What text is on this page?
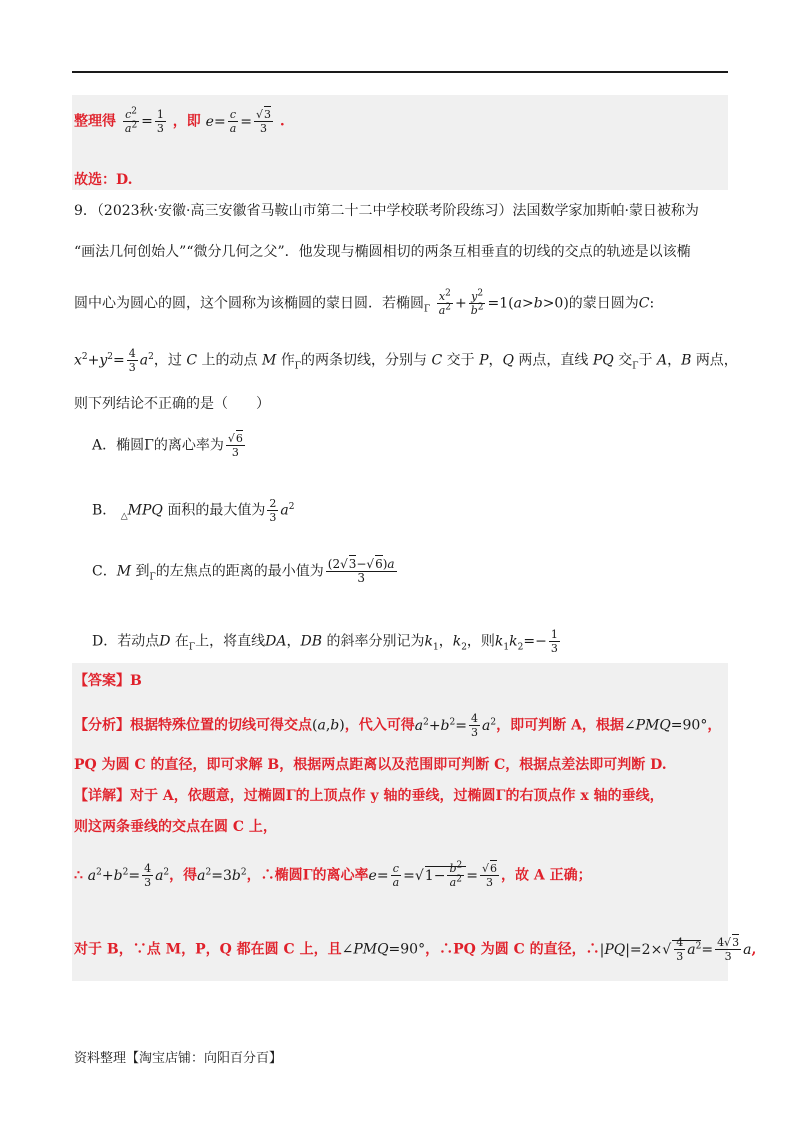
整理得 $\frac{c^2}{a^2} = \frac{1}{3}$ ，即 $e= \frac{c}{a} = \frac{√3}{3}$ .
故选：D.
9．（2023秋·安徽·高三安徽省马鞍山市第二十二中学校联考阶段练习）法国数学家加斯帕·蒙日被称为
“画法几何创始人”“微分几何之父”．他发现与椭圆相切的两条互相垂直的切线的交点的轨迹是以该椭
圆中心为圆心的圆，这个圆称为该椭圆的蒙日圆．若椭圆$_\Gamma \frac{x^2}{a^2} + \frac{y^2}{b^2} =1(a>b>0)$的蒙日圆为C:
$x^2+y^2= \frac{4}{3} a^2$，过 C 上的动点 M 作$_\Gamma$的两条切线，分别与 C 交于 P，Q 两点，直线 PQ 交$_\Gamma$于 A，B 两点，
则下列结论不正确的是（　　）
A．椭圆Γ的离心率为 $\frac{√6}{3}$
B． $_\triangle$MPQ 面积的最大值为 $\frac{2}{3} a^2$
C．M 到$_\Gamma$的左焦点的距离的最小值为 $\frac{(2√3-√6)a}{3}$
D．若动点D 在$_\Gamma$上，将直线DA，DB 的斜率分别记为$k_1$，$k_2$，则$k_1k_2=- \frac{1}{3}$
【答案】B
【分析】根据特殊位置的切线可得交点(a,b)，代入可得$a^2+b^2= \frac{4}{3} a^2$，即可判断 A，根据∠PMQ=90°，
PQ 为圆 C 的直径，即可求解 B，根据两点距离以及范围即可判断 C，根据点差法即可判断 D.
【详解】对于 A，依题意，过椭圆Γ的上顶点作 y 轴的垂线，过椭圆Γ的右顶点作 x 轴的垂线，
则这两条垂线的交点在圆 C 上，
∴ $a^2+b^2= \frac{4}{3} a^2$，得$a^2=3b^2$，∴椭圆Γ的离心率$e= \frac{c}{a} =√1- \frac{b^2}{a^2} = \frac{√6}{3}$ ，故 A 正确；
对于 B，∵点 M，P，Q 都在圆 C 上，且∠PMQ=90°，∴PQ 为圆 C 的直径，∴|PQ|=2×√ $\frac{4}{3} a^2= \frac{4√3}{3} a$,
资料整理【淘宝店铺：向阳百分百】
